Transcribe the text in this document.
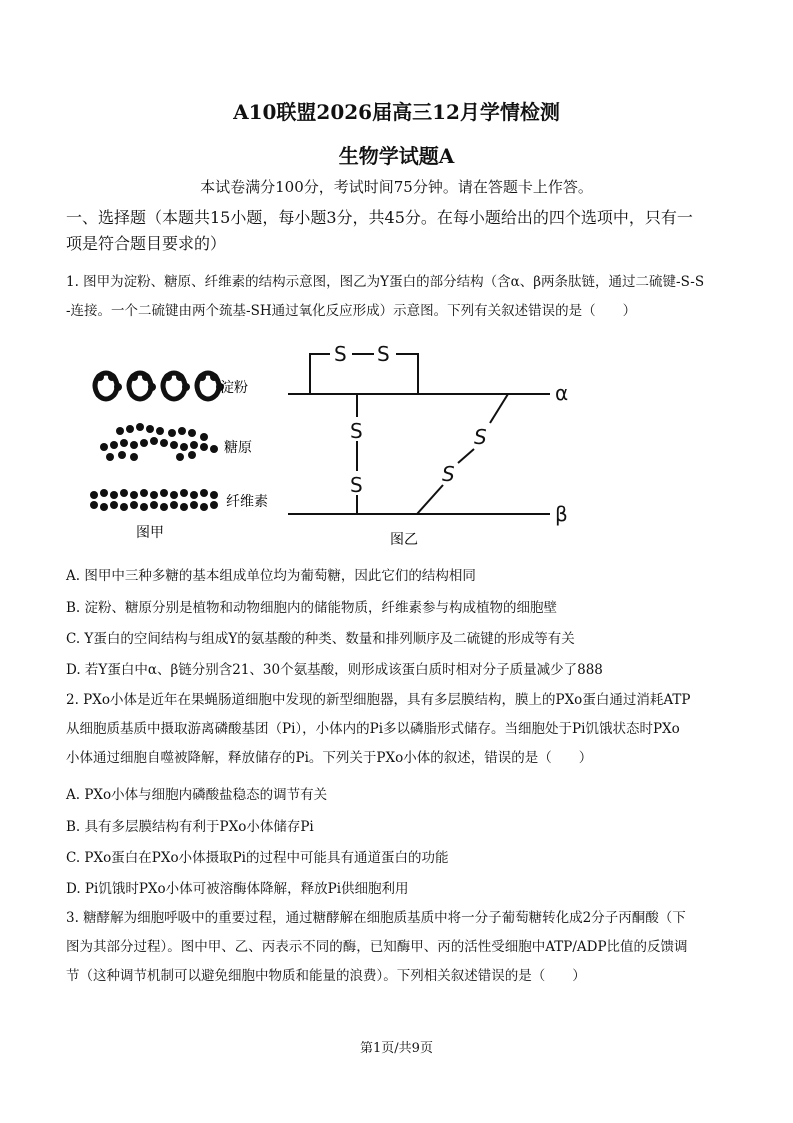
A10联盟2026届高三12月学情检测
生物学试题A
本试卷满分100分，考试时间75分钟。请在答题卡上作答。
一、选择题（本题共15小题，每小题3分，共45分。在每小题给出的四个选项中，只有一
项是符合题目要求的）
1. 图甲为淀粉、糖原、纤维素的结构示意图，图乙为Y蛋白的部分结构（含α、β两条肽链，通过二硫键-S-S
-连接。一个二硫键由两个巯基-SH通过氧化反应形成）示意图。下列有关叙述错误的是（　　）
淀粉
糖原
纤维素
图甲
S S
S
S
S
S
α
β
图乙
A. 图甲中三种多糖的基本组成单位均为葡萄糖，因此它们的结构相同
B. 淀粉、糖原分别是植物和动物细胞内的储能物质，纤维素参与构成植物的细胞壁
C. Y蛋白的空间结构与组成Y的氨基酸的种类、数量和排列顺序及二硫键的形成等有关
D. 若Y蛋白中α、β链分别含21、30个氨基酸，则形成该蛋白质时相对分子质量减少了888
2. PXo小体是近年在果蝇肠道细胞中发现的新型细胞器，具有多层膜结构，膜上的PXo蛋白通过消耗ATP
从细胞质基质中摄取游离磷酸基团（Pi），小体内的Pi多以磷脂形式储存。当细胞处于Pi饥饿状态时PXo
小体通过细胞自噬被降解，释放储存的Pi。下列关于PXo小体的叙述，错误的是（　　）
A. PXo小体与细胞内磷酸盐稳态的调节有关
B. 具有多层膜结构有利于PXo小体储存Pi
C. PXo蛋白在PXo小体摄取Pi的过程中可能具有通道蛋白的功能
D. Pi饥饿时PXo小体可被溶酶体降解，释放Pi供细胞利用
3. 糖酵解为细胞呼吸中的重要过程，通过糖酵解在细胞质基质中将一分子葡萄糖转化成2分子丙酮酸（下
图为其部分过程）。图中甲、乙、丙表示不同的酶，已知酶甲、丙的活性受细胞中ATP/ADP比值的反馈调
节（这种调节机制可以避免细胞中物质和能量的浪费）。下列相关叙述错误的是（　　）
第1页/共9页
